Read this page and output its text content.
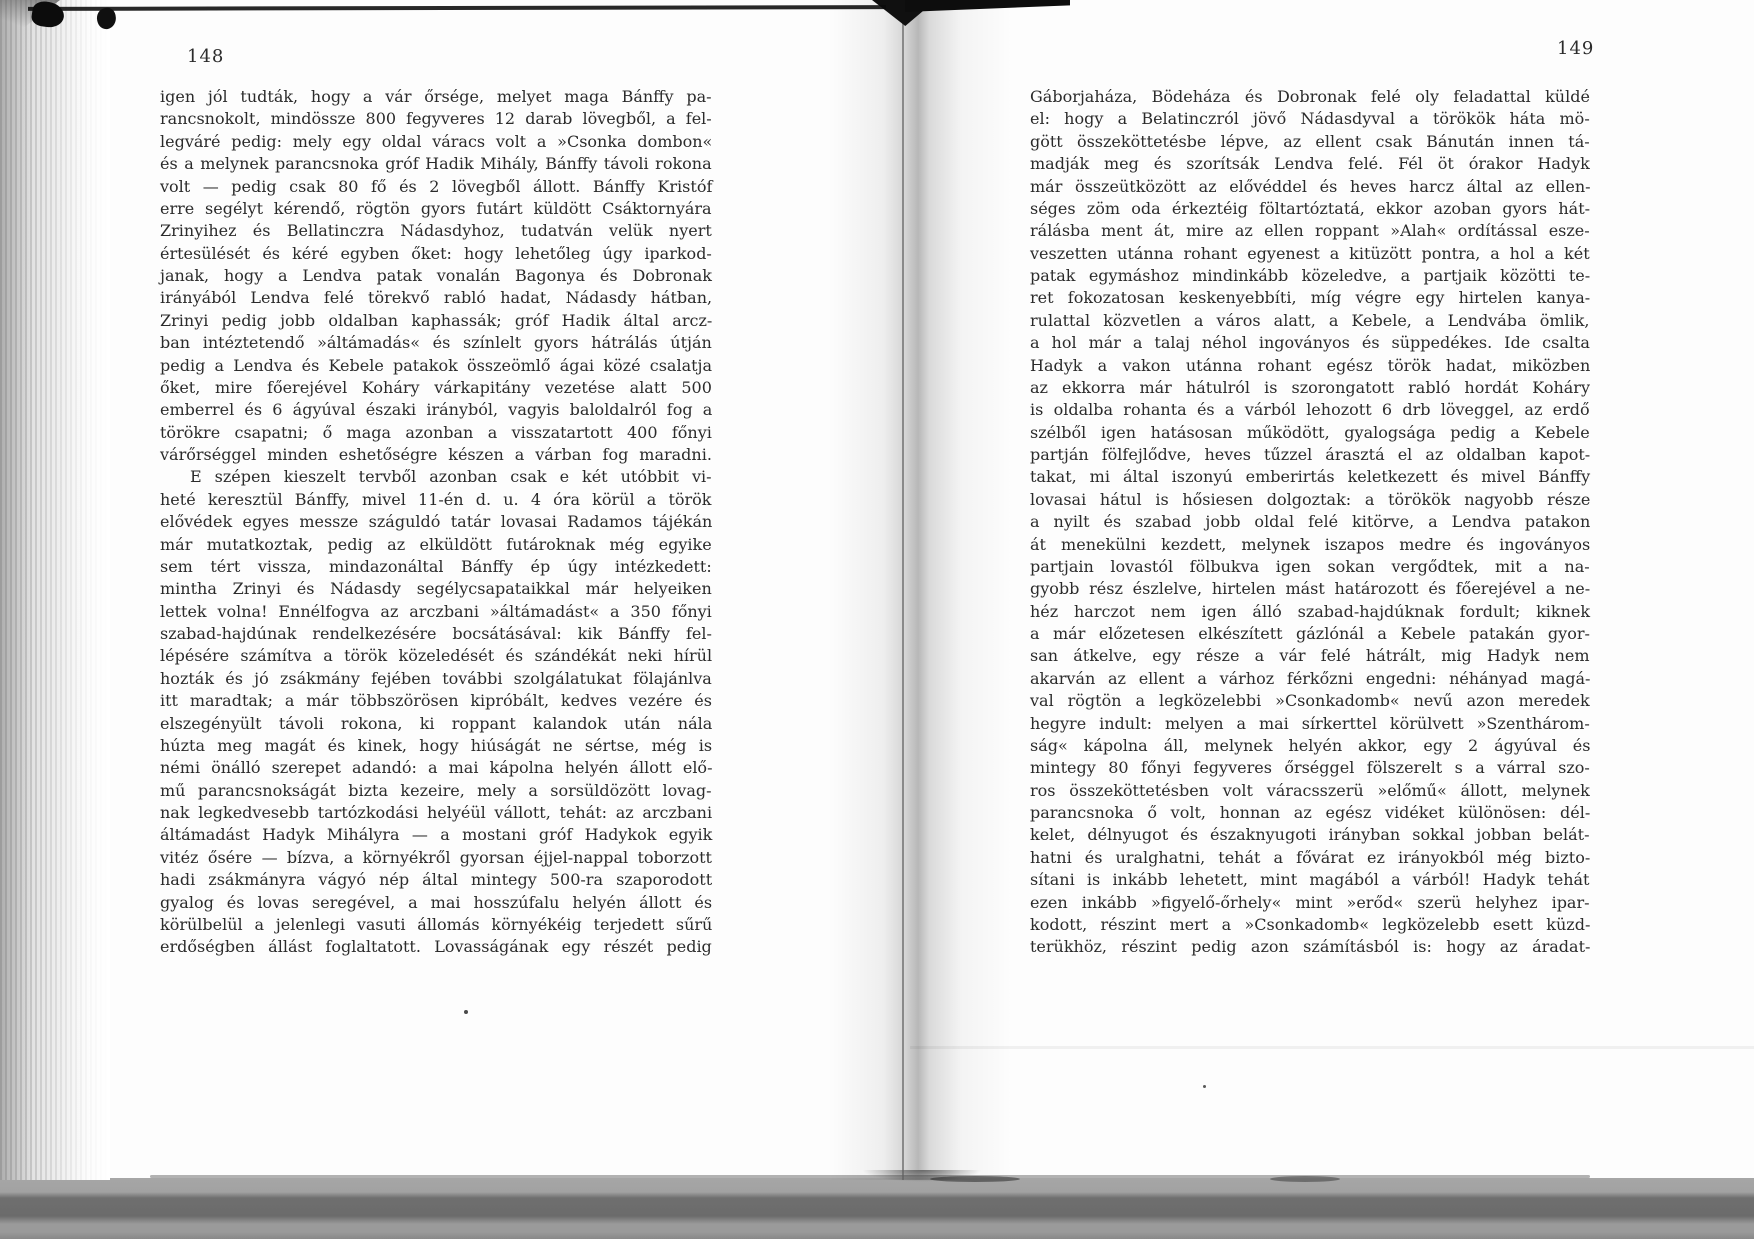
148
igen jól tudták, hogy a vár őrsége, melyet maga Bánffy pa-
rancsnokolt, mindössze 800 fegyveres 12 darab lövegből, a fel-
legváré pedig: mely egy oldal váracs volt a »Csonka dombon«
és a melynek parancsnoka gróf Hadik Mihály, Bánffy távoli rokona
volt — pedig csak 80 fő és 2 lövegből állott. Bánffy Kristóf
erre segélyt kérendő, rögtön gyors futárt küldött Csáktornyára
Zrinyihez és Bellatinczra Nádasdyhoz, tudatván velük nyert
értesülését és kéré egyben őket: hogy lehetőleg úgy iparkod-
janak, hogy a Lendva patak vonalán Bagonya és Dobronak
irányából Lendva felé törekvő rabló hadat, Nádasdy hátban,
Zrinyi pedig jobb oldalban kaphassák; gróf Hadik által arcz-
ban intéztetendő »áltámadás« és színlelt gyors hátrálás útján
pedig a Lendva és Kebele patakok összeömlő ágai közé csalatja
őket, mire főerejével Koháry várkapitány vezetése alatt 500
emberrel és 6 ágyúval északi irányból, vagyis baloldalról fog a
törökre csapatni; ő maga azonban a visszatartott 400 főnyi
várőrséggel minden eshetőségre készen a várban fog maradni.
E szépen kieszelt tervből azonban csak e két utóbbit vi-
heté keresztül Bánffy, mivel 11-én d. u. 4 óra körül a török
elővédek egyes messze száguldó tatár lovasai Radamos tájékán
már mutatkoztak, pedig az elküldött futároknak még egyike
sem tért vissza, mindazonáltal Bánffy ép úgy intézkedett:
mintha Zrinyi és Nádasdy segélycsapataikkal már helyeiken
lettek volna! Ennélfogva az arczbani »áltámadást« a 350 főnyi
szabad-hajdúnak rendelkezésére bocsátásával: kik Bánffy fel-
lépésére számítva a török közeledését és szándékát neki hírül
hozták és jó zsákmány fejében további szolgálatukat fölajánlva
itt maradtak; a már többszörösen kipróbált, kedves vezére és
elszegényült távoli rokona, ki roppant kalandok után nála
húzta meg magát és kinek, hogy hiúságát ne sértse, még is
némi önálló szerepet adandó: a mai kápolna helyén állott elő-
mű parancsnokságát bizta kezeire, mely a sorsüldözött lovag-
nak legkedvesebb tartózkodási helyéül vállott, tehát: az arczbani
áltámadást Hadyk Mihályra — a mostani gróf Hadykok egyik
vitéz ősére — bízva, a környékről gyorsan éjjel-nappal toborzott
hadi zsákmányra vágyó nép által mintegy 500-ra szaporodott
gyalog és lovas seregével, a mai hosszúfalu helyén állott és
körülbelül a jelenlegi vasuti állomás környékéig terjedett sűrű
erdőségben állást foglaltatott. Lovasságának egy részét pedig
149
Gáborjaháza, Bödeháza és Dobronak felé oly feladattal küldé
el: hogy a Belatinczról jövő Nádasdyval a törökök háta mö-
gött összeköttetésbe lépve, az ellent csak Bánután innen tá-
madják meg és szorítsák Lendva felé. Fél öt órakor Hadyk
már összeütközött az elővéddel és heves harcz által az ellen-
séges zöm oda érkeztéig föltartóztatá, ekkor azoban gyors hát-
rálásba ment át, mire az ellen roppant »Alah« ordítással esze-
veszetten utánna rohant egyenest a kitüzött pontra, a hol a két
patak egymáshoz mindinkább közeledve, a partjaik közötti te-
ret fokozatosan keskenyebbíti, míg végre egy hirtelen kanya-
rulattal közvetlen a város alatt, a Kebele, a Lendvába ömlik,
a hol már a talaj néhol ingoványos és süppedékes. Ide csalta
Hadyk a vakon utánna rohant egész török hadat, miközben
az ekkorra már hátulról is szorongatott rabló hordát Koháry
is oldalba rohanta és a várból lehozott 6 drb löveggel, az erdő
szélből igen hatásosan működött, gyalogsága pedig a Kebele
partján fölfejlődve, heves tűzzel árasztá el az oldalban kapot-
takat, mi által iszonyú emberirtás keletkezett és mivel Bánffy
lovasai hátul is hősiesen dolgoztak: a törökök nagyobb része
a nyilt és szabad jobb oldal felé kitörve, a Lendva patakon
át menekülni kezdett, melynek iszapos medre és ingoványos
partjain lovastól fölbukva igen sokan vergődtek, mit a na-
gyobb rész észlelve, hirtelen mást határozott és főerejével a ne-
héz harczot nem igen álló szabad-hajdúknak fordult; kiknek
a már előzetesen elkészített gázlónál a Kebele patakán gyor-
san átkelve, egy része a vár felé hátrált, mig Hadyk nem
akarván az ellent a várhoz férkőzni engedni: néhányad magá-
val rögtön a legközelebbi »Csonkadomb« nevű azon meredek
hegyre indult: melyen a mai sírkerttel körülvett »Szenthárom-
ság« kápolna áll, melynek helyén akkor, egy 2 ágyúval és
mintegy 80 főnyi fegyveres őrséggel fölszerelt s a várral szo-
ros összeköttetésben volt váracsszerü »előmű« állott, melynek
parancsnoka ő volt, honnan az egész vidéket különösen: dél-
kelet, délnyugot és északnyugoti irányban sokkal jobban belát-
hatni és uralghatni, tehát a fővárat ez irányokból még bizto-
sítani is inkább lehetett, mint magából a várból! Hadyk tehát
ezen inkább »figyelő-őrhely« mint »erőd« szerü helyhez ipar-
kodott, részint mert a »Csonkadomb« legközelebb esett küzd-
terükhöz, részint pedig azon számításból is: hogy az áradat-
